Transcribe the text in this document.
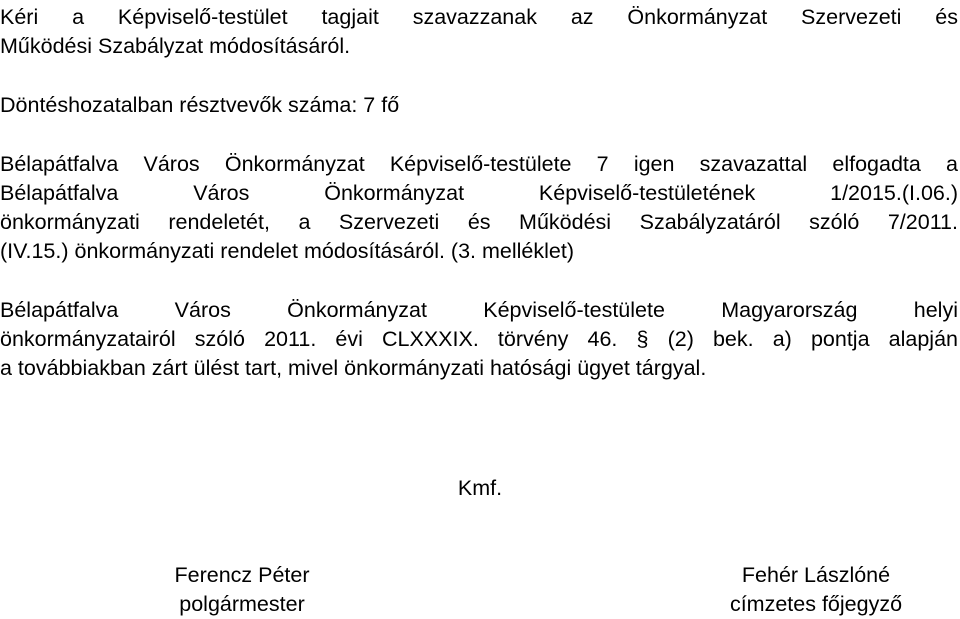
Kéri a Képviselő-testület tagjait szavazzanak az Önkormányzat Szervezeti és
Működési Szabályzat módosításáról.
Döntéshozatalban résztvevők száma: 7 fő
Bélapátfalva Város Önkormányzat Képviselő-testülete 7 igen szavazattal elfogadta a
Bélapátfalva Város Önkormányzat Képviselő-testületének 1/2015.(I.06.)
önkormányzati rendeletét, a Szervezeti és Működési Szabályzatáról szóló 7/2011.
(IV.15.) önkormányzati rendelet módosításáról. (3. melléklet)
Bélapátfalva Város Önkormányzat Képviselő-testülete Magyarország helyi
önkormányzatairól szóló 2011. évi CLXXXIX. törvény 46. § (2) bek. a) pontja alapján
a továbbiakban zárt ülést tart, mivel önkormányzati hatósági ügyet tárgyal.
Kmf.
Ferencz Péter
polgármester
Fehér Lászlóné
címzetes főjegyző
